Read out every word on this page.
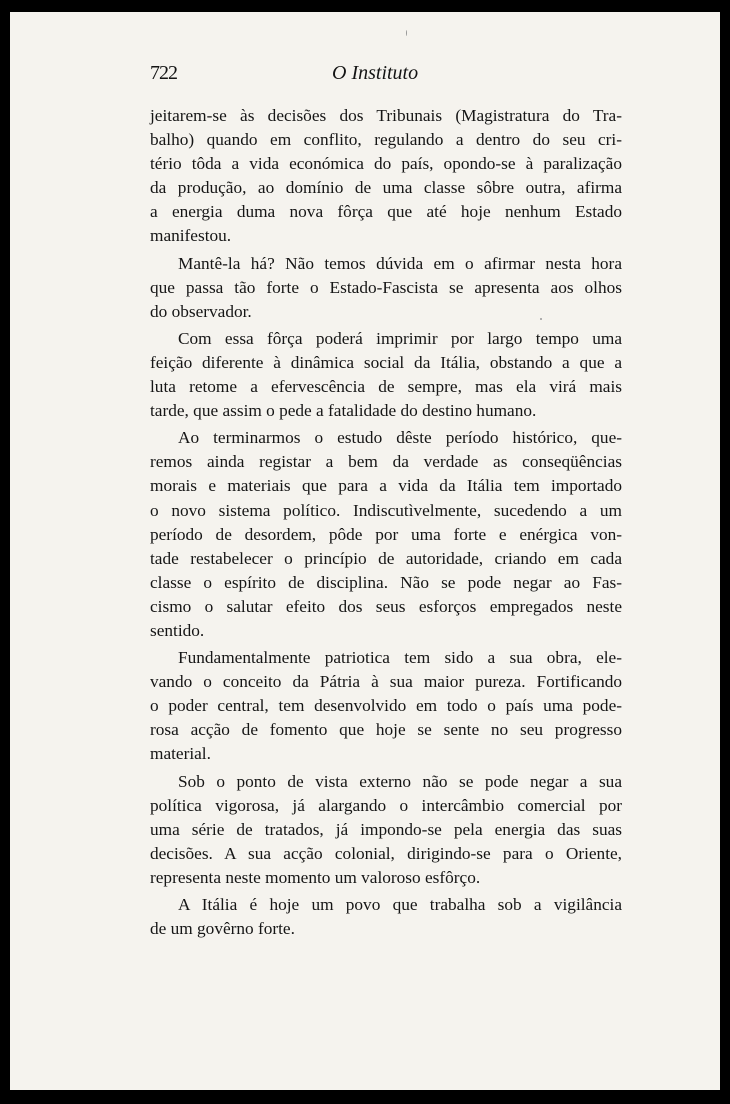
722	O Instituto
jeitarem-se às decisões dos Tribunais (Magistratura do Tra-
balho) quando em conflito, regulando a dentro do seu cri-
tério tôda a vida económica do país, opondo-se à paralização
da produção, ao domínio de uma classe sôbre outra, afirma
a energia duma nova fôrça que até hoje nenhum Estado
manifestou.
Mantê-la há? Não temos dúvida em o afirmar nesta hora
que passa tão forte o Estado-Fascista se apresenta aos olhos
do observador.
Com essa fôrça poderá imprimir por largo tempo uma
feição diferente à dinâmica social da Itália, obstando a que a
luta retome a efervescência de sempre, mas ela virá mais
tarde, que assim o pede a fatalidade do destino humano.
Ao terminarmos o estudo dêste período histórico, que-
remos ainda registar a bem da verdade as conseqüências
morais e materiais que para a vida da Itália tem importado
o novo sistema político. Indiscutìvelmente, sucedendo a um
período de desordem, pôde por uma forte e enérgica von-
tade restabelecer o princípio de autoridade, criando em cada
classe o espírito de disciplina. Não se pode negar ao Fas-
cismo o salutar efeito dos seus esforços empregados neste
sentido.
Fundamentalmente patriotica tem sido a sua obra, ele-
vando o conceito da Pátria à sua maior pureza. Fortificando
o poder central, tem desenvolvido em todo o país uma pode-
rosa acção de fomento que hoje se sente no seu progresso
material.
Sob o ponto de vista externo não se pode negar a sua
política vigorosa, já alargando o intercâmbio comercial por
uma série de tratados, já impondo-se pela energia das suas
decisões. A sua acção colonial, dirigindo-se para o Oriente,
representa neste momento um valoroso esfôrço.
A Itália é hoje um povo que trabalha sob a vigilância
de um govêrno forte.
